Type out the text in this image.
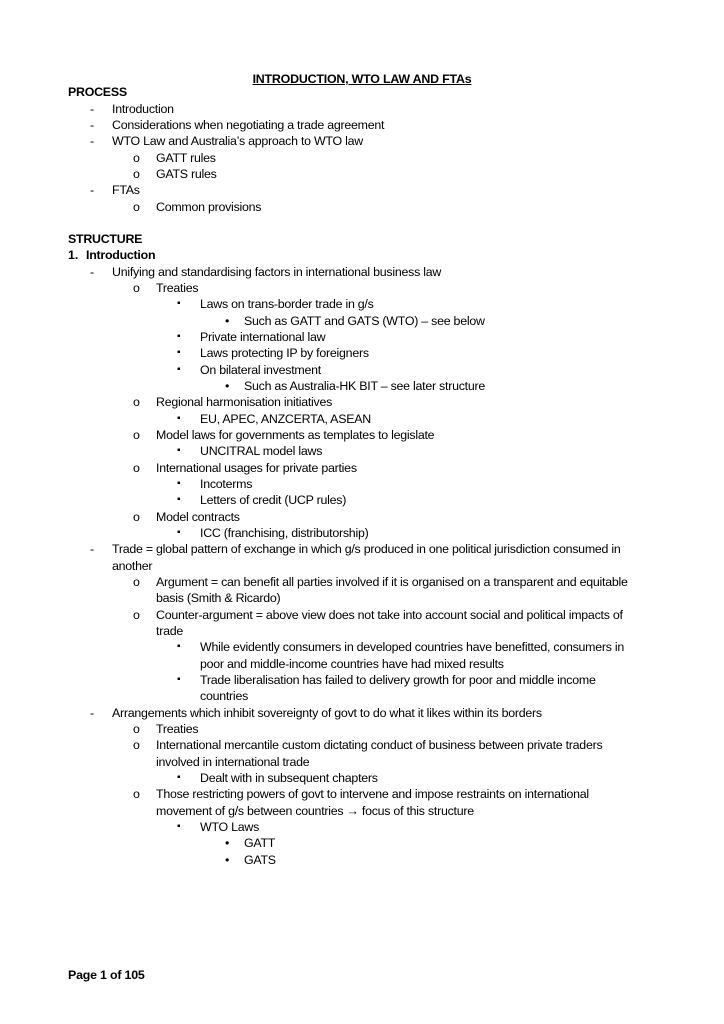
INTRODUCTION, WTO LAW AND FTAs
PROCESS
- Introduction
- Considerations when negotiating a trade agreement
- WTO Law and Australia’s approach to WTO law
o GATT rules
o GATS rules
- FTAs
o Common provisions
STRUCTURE
1. Introduction
- Unifying and standardising factors in international business law
o Treaties
▪ Laws on trans-border trade in g/s
• Such as GATT and GATS (WTO) – see below
▪ Private international law
▪ Laws protecting IP by foreigners
▪ On bilateral investment
• Such as Australia-HK BIT – see later structure
o Regional harmonisation initiatives
▪ EU, APEC, ANZCERTA, ASEAN
o Model laws for governments as templates to legislate
▪ UNCITRAL model laws
o International usages for private parties
▪ Incoterms
▪ Letters of credit (UCP rules)
o Model contracts
▪ ICC (franchising, distributorship)
- Trade = global pattern of exchange in which g/s produced in one political jurisdiction consumed in
another
o Argument = can benefit all parties involved if it is organised on a transparent and equitable
basis (Smith & Ricardo)
o Counter-argument = above view does not take into account social and political impacts of
trade
▪ While evidently consumers in developed countries have benefitted, consumers in
poor and middle-income countries have had mixed results
▪ Trade liberalisation has failed to delivery growth for poor and middle income
countries
- Arrangements which inhibit sovereignty of govt to do what it likes within its borders
o Treaties
o International mercantile custom dictating conduct of business between private traders
involved in international trade
▪ Dealt with in subsequent chapters
o Those restricting powers of govt to intervene and impose restraints on international
movement of g/s between countries → focus of this structure
▪ WTO Laws
• GATT
• GATS
Page 1 of 105
